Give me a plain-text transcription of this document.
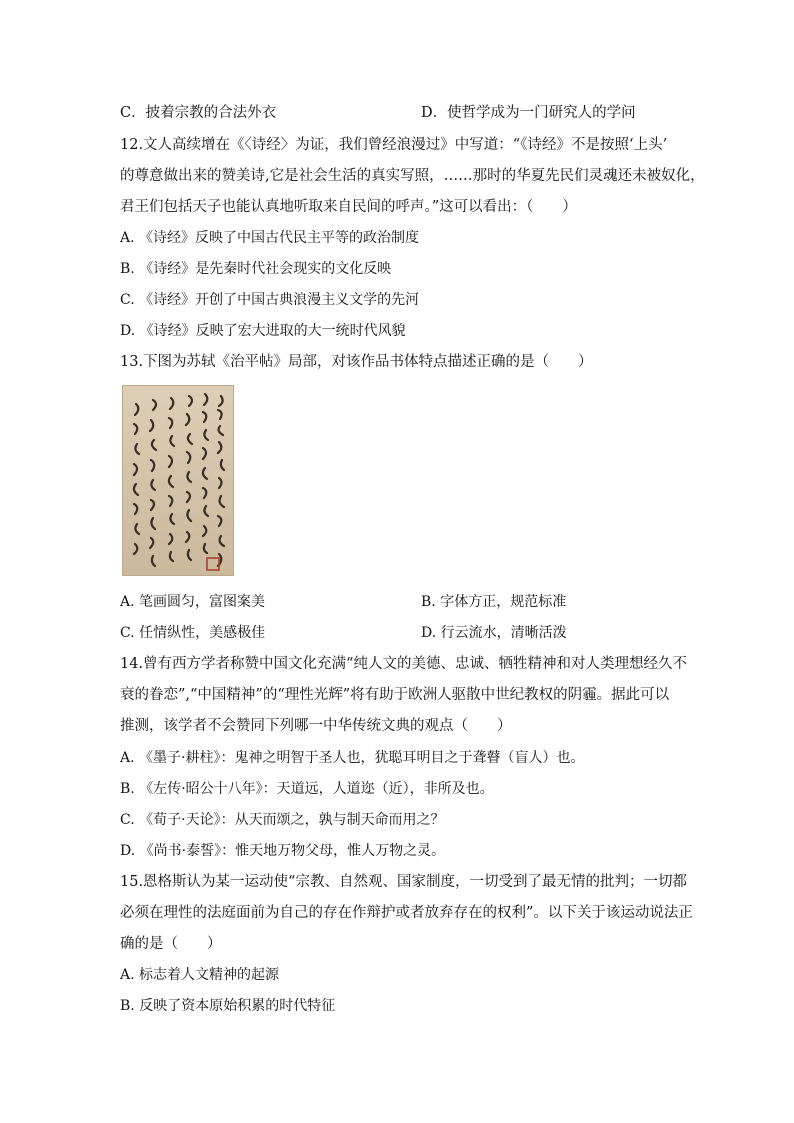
C．披着宗教的合法外衣	D．使哲学成为一门研究人的学问
12.文人高续增在《〈诗经〉为证，我们曾经浪漫过》中写道：“《诗经》不是按照‘上头’
的尊意做出来的赞美诗,它是社会生活的真实写照，……那时的华夏先民们灵魂还未被奴化，
君王们包括天子也能认真地听取来自民间的呼声。”这可以看出：（　　）
A. 《诗经》反映了中国古代民主平等的政治制度
B. 《诗经》是先秦时代社会现实的文化反映
C. 《诗经》开创了中国古典浪漫主义文学的先河
D. 《诗经》反映了宏大进取的大一统时代风貌
13.下图为苏轼《治平帖》局部，对该作品书体特点描述正确的是（　　）
A. 笔画圆匀，富图案美	B. 字体方正，规范标准
C. 任情纵性，美感极佳	D. 行云流水，清晰活泼
14.曾有西方学者称赞中国文化充满“纯人文的美德、忠诚、牺牲精神和对人类理想经久不
衰的眷恋”,“中国精神”的“理性光辉”将有助于欧洲人驱散中世纪教权的阴霾。据此可以
推测，该学者不会赞同下列哪一中华传统文典的观点（　　）
A. 《墨子·耕柱》：鬼神之明智于圣人也，犹聪耳明目之于聋瞽（盲人）也。
B. 《左传·昭公十八年》：天道远，人道迩（近），非所及也。
C. 《荀子·天论》：从天而颂之，孰与制天命而用之？
D. 《尚书·泰誓》：惟天地万物父母，惟人万物之灵。
15.恩格斯认为某一运动使“宗教、自然观、国家制度，一切受到了最无情的批判；一切都
必须在理性的法庭面前为自己的存在作辩护或者放弃存在的权利”。以下关于该运动说法正
确的是（　　）
A. 标志着人文精神的起源
B. 反映了资本原始积累的时代特征
